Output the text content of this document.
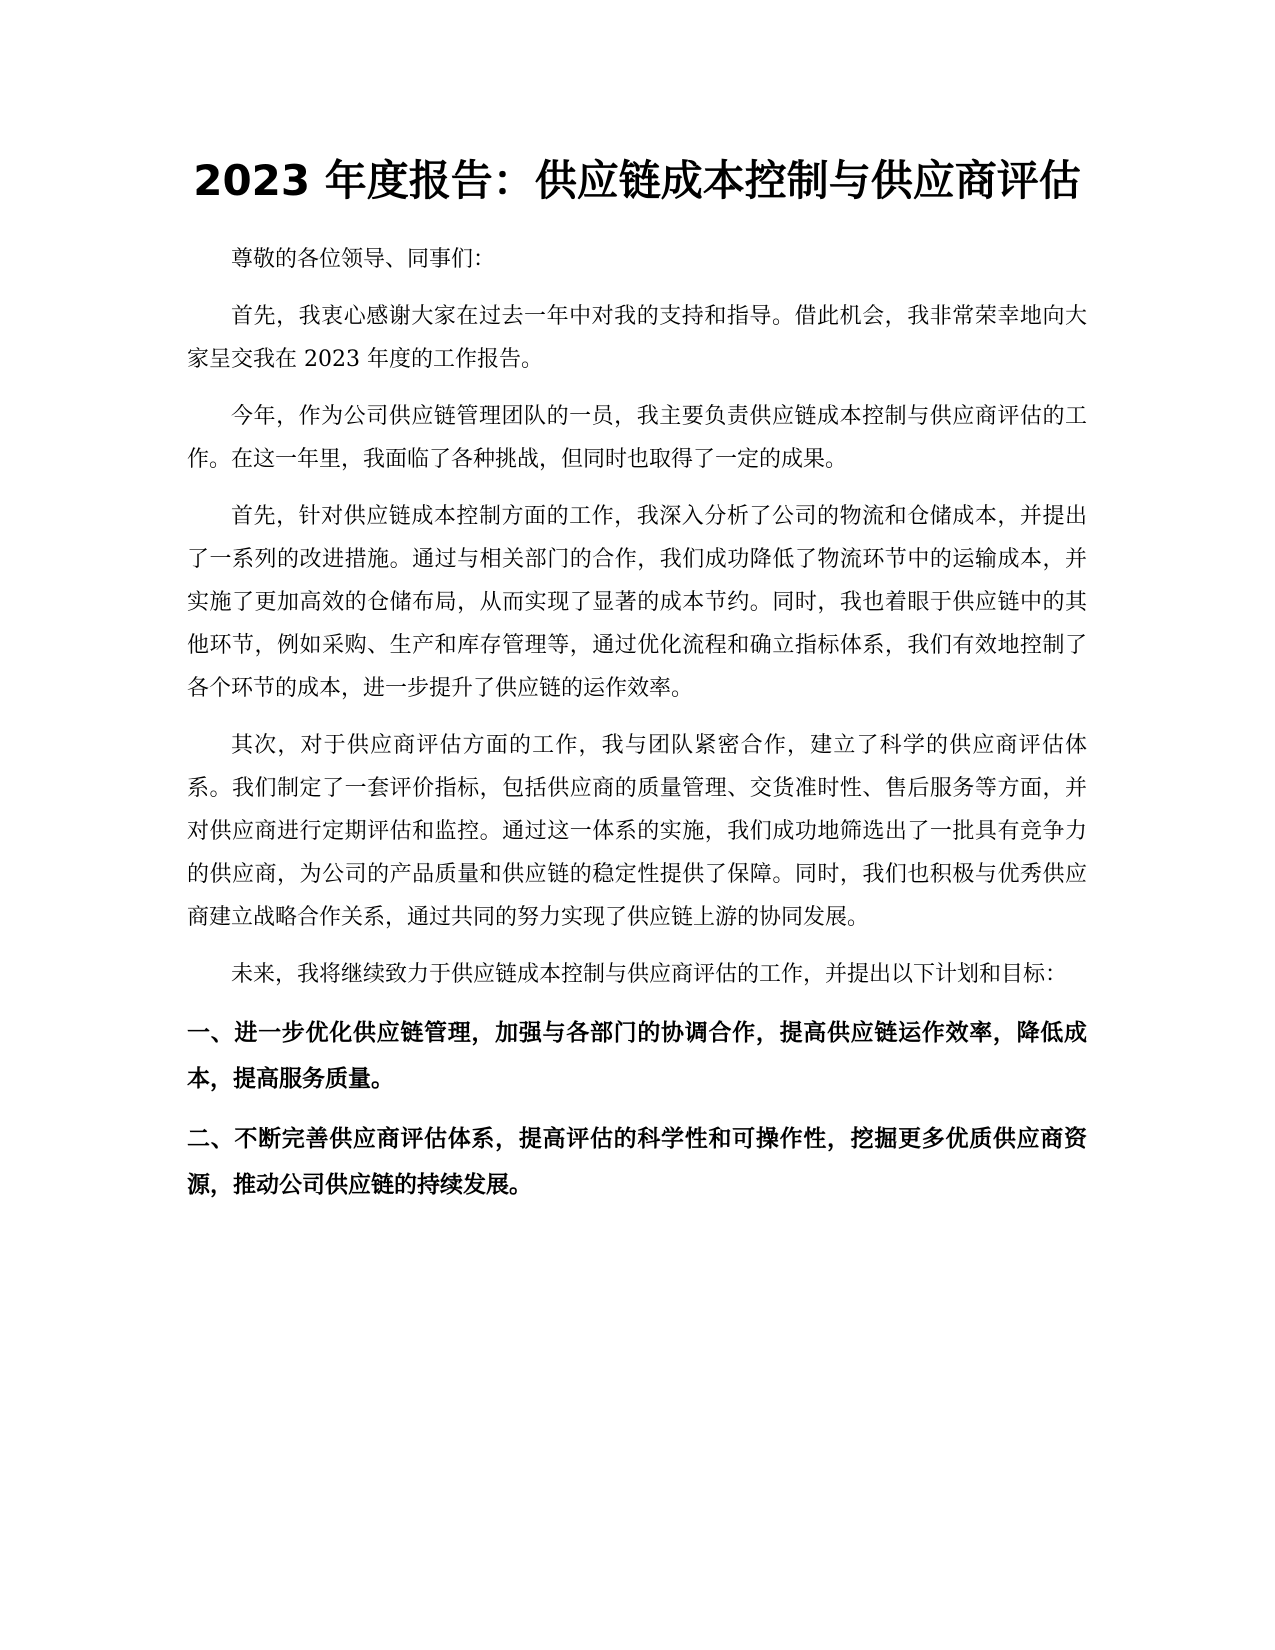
2023 年度报告：供应链成本控制与供应商评估

尊敬的各位领导、同事们：

首先，我衷心感谢大家在过去一年中对我的支持和指导。借此机会，我非常荣幸地向大家呈交我在 2023 年度的工作报告。

今年，作为公司供应链管理团队的一员，我主要负责供应链成本控制与供应商评估的工作。在这一年里，我面临了各种挑战，但同时也取得了一定的成果。

首先，针对供应链成本控制方面的工作，我深入分析了公司的物流和仓储成本，并提出了一系列的改进措施。通过与相关部门的合作，我们成功降低了物流环节中的运输成本，并实施了更加高效的仓储布局，从而实现了显著的成本节约。同时，我也着眼于供应链中的其他环节，例如采购、生产和库存管理等，通过优化流程和确立指标体系，我们有效地控制了各个环节的成本，进一步提升了供应链的运作效率。

其次，对于供应商评估方面的工作，我与团队紧密合作，建立了科学的供应商评估体系。我们制定了一套评价指标，包括供应商的质量管理、交货准时性、售后服务等方面，并对供应商进行定期评估和监控。通过这一体系的实施，我们成功地筛选出了一批具有竞争力的供应商，为公司的产品质量和供应链的稳定性提供了保障。同时，我们也积极与优秀供应商建立战略合作关系，通过共同的努力实现了供应链上游的协同发展。

未来，我将继续致力于供应链成本控制与供应商评估的工作，并提出以下计划和目标：

一、进一步优化供应链管理，加强与各部门的协调合作，提高供应链运作效率，降低成本，提高服务质量。

二、不断完善供应商评估体系，提高评估的科学性和可操作性，挖掘更多优质供应商资源，推动公司供应链的持续发展。
